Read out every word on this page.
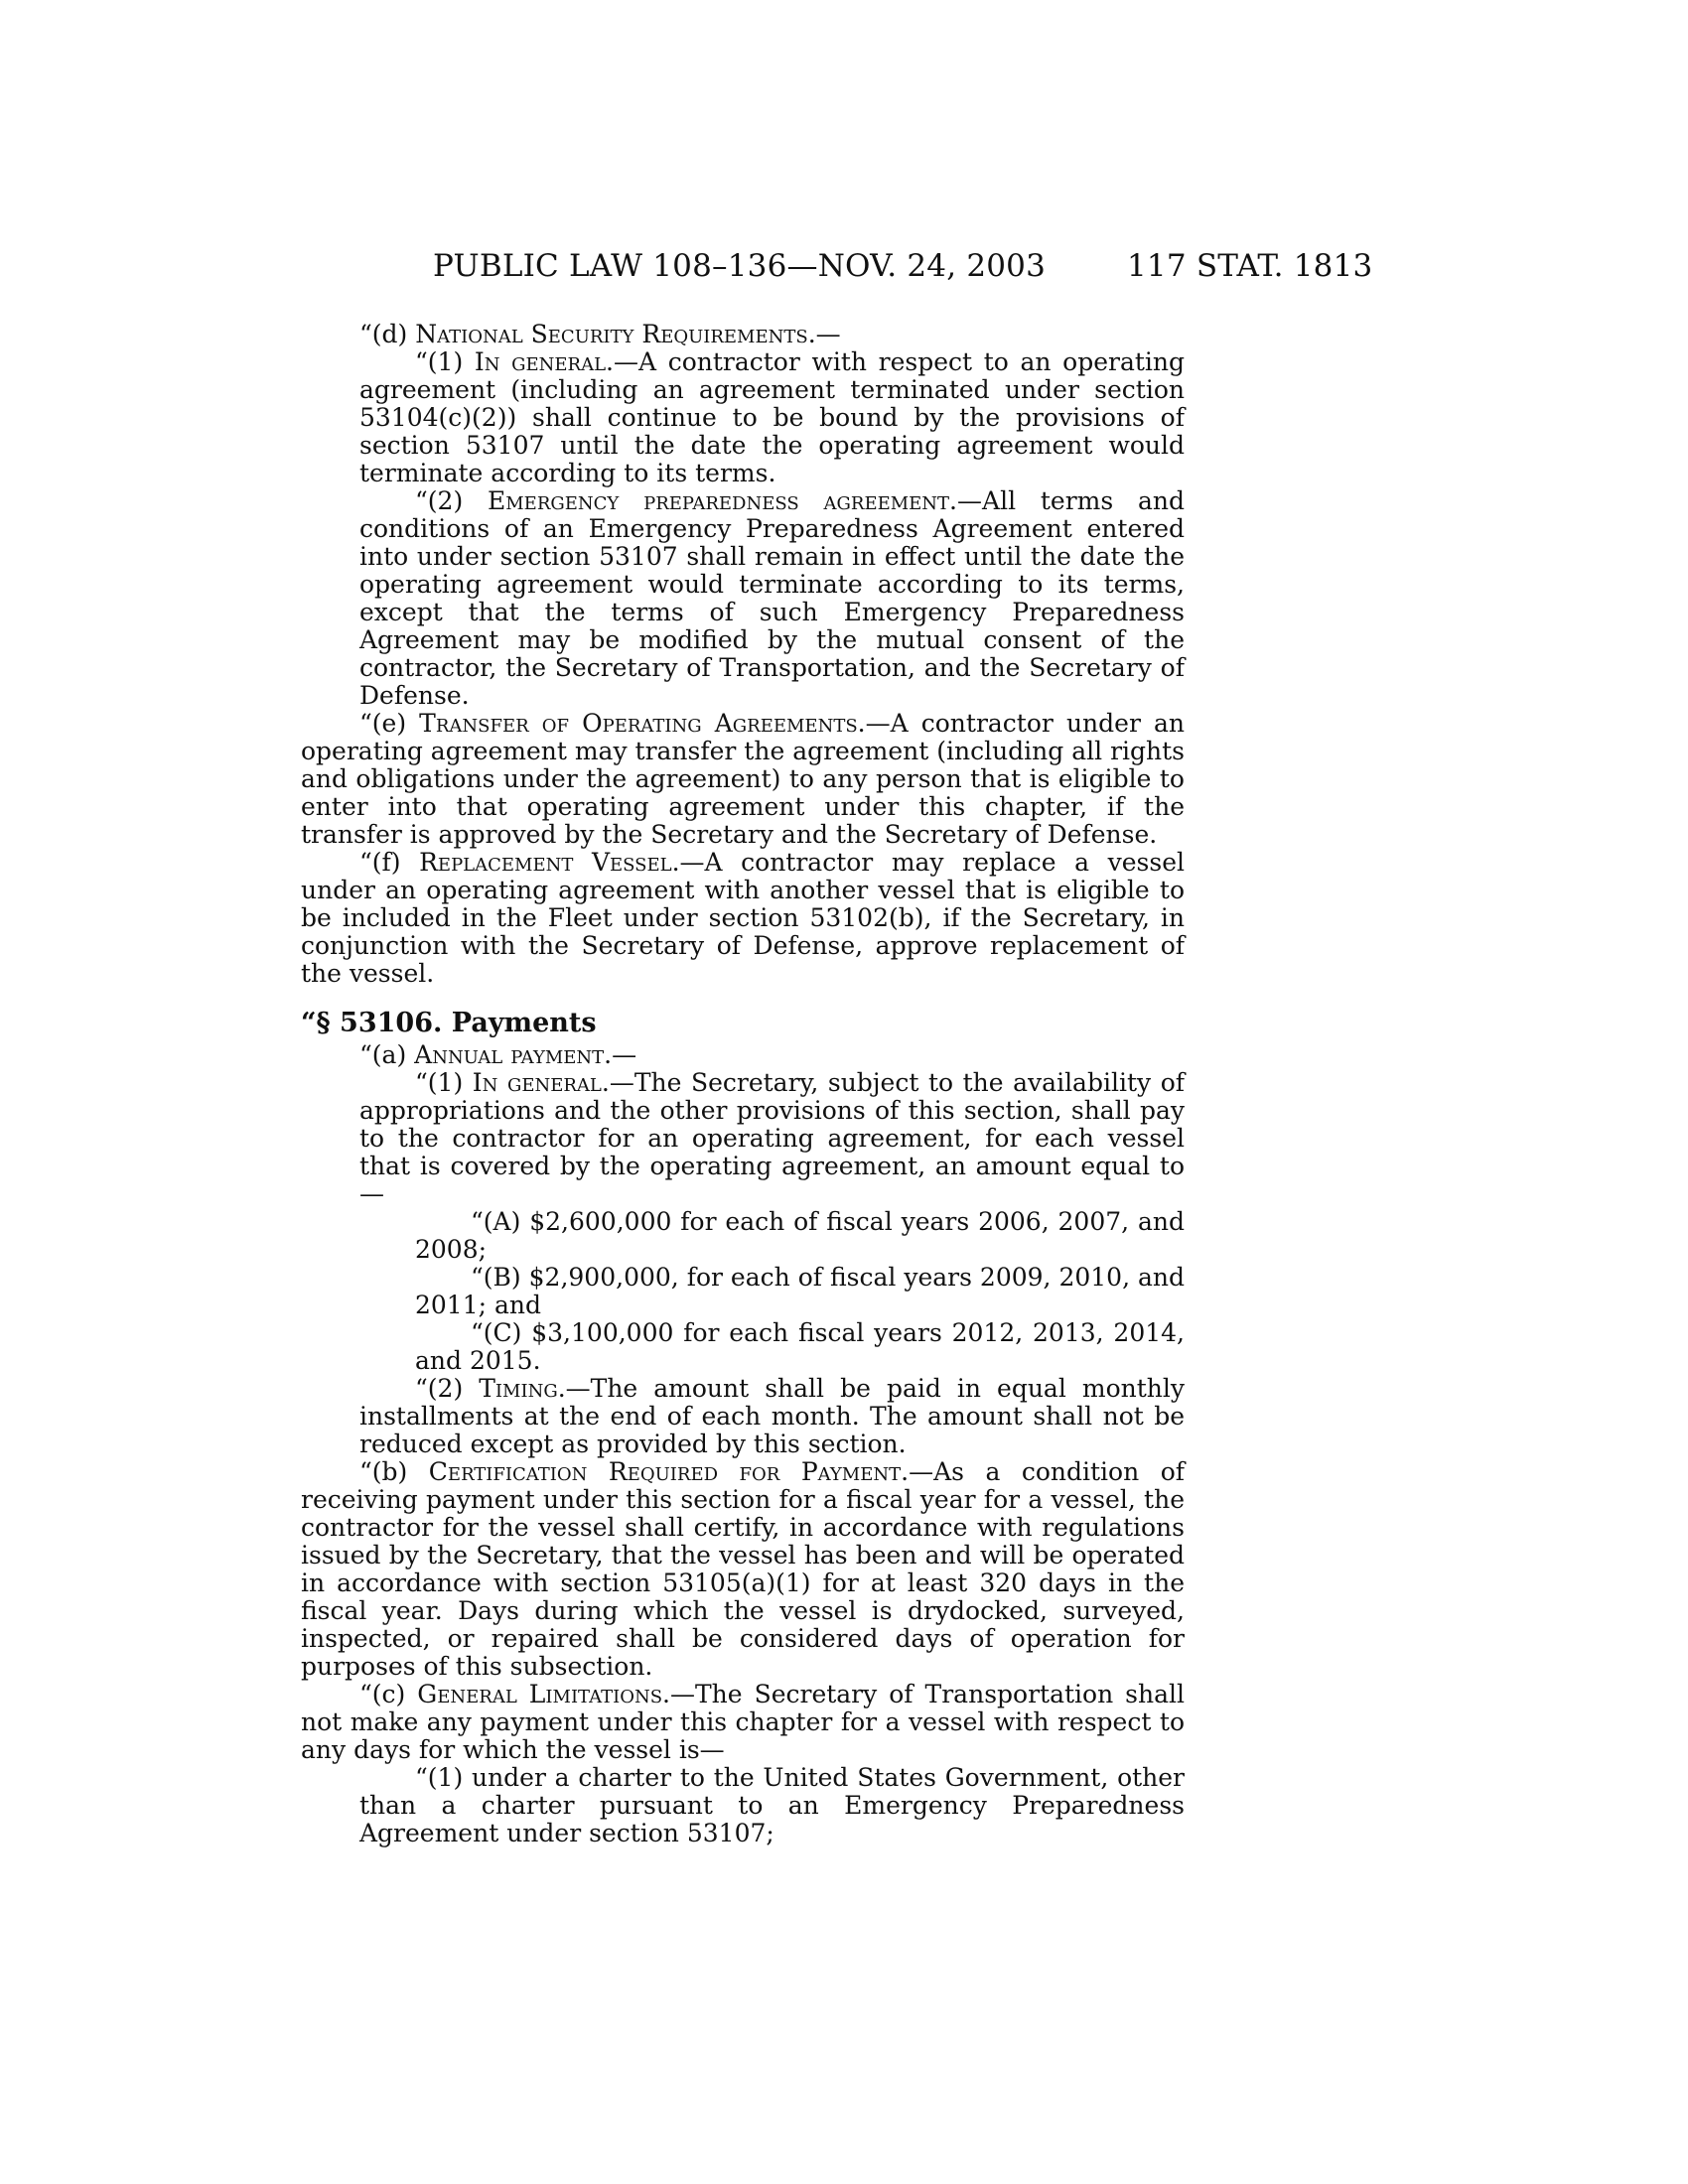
PUBLIC LAW 108–136—NOV. 24, 2003	117 STAT. 1813

“(d) National Security Requirements.—

“(1) In general.—A contractor with respect to an operating agreement (including an agreement terminated under section 53104(c)(2)) shall continue to be bound by the provisions of section 53107 until the date the operating agreement would terminate according to its terms.

“(2) Emergency preparedness agreement.—All terms and conditions of an Emergency Preparedness Agreement entered into under section 53107 shall remain in effect until the date the operating agreement would terminate according to its terms, except that the terms of such Emergency Preparedness Agreement may be modified by the mutual consent of the contractor, the Secretary of Transportation, and the Secretary of Defense.

“(e) Transfer of Operating Agreements.—A contractor under an operating agreement may transfer the agreement (including all rights and obligations under the agreement) to any person that is eligible to enter into that operating agreement under this chapter, if the transfer is approved by the Secretary and the Secretary of Defense.

“(f) Replacement Vessel.—A contractor may replace a vessel under an operating agreement with another vessel that is eligible to be included in the Fleet under section 53102(b), if the Secretary, in conjunction with the Secretary of Defense, approve replacement of the vessel.

“§ 53106. Payments

“(a) Annual payment.—

“(1) In general.—The Secretary, subject to the availability of appropriations and the other provisions of this section, shall pay to the contractor for an operating agreement, for each vessel that is covered by the operating agreement, an amount equal to—

“(A) $2,600,000 for each of fiscal years 2006, 2007, and 2008;

“(B) $2,900,000, for each of fiscal years 2009, 2010, and 2011; and

“(C) $3,100,000 for each fiscal years 2012, 2013, 2014, and 2015.

“(2) Timing.—The amount shall be paid in equal monthly installments at the end of each month. The amount shall not be reduced except as provided by this section.

“(b) Certification Required for Payment.—As a condition of receiving payment under this section for a fiscal year for a vessel, the contractor for the vessel shall certify, in accordance with regulations issued by the Secretary, that the vessel has been and will be operated in accordance with section 53105(a)(1) for at least 320 days in the fiscal year. Days during which the vessel is drydocked, surveyed, inspected, or repaired shall be considered days of operation for purposes of this subsection.

“(c) General Limitations.—The Secretary of Transportation shall not make any payment under this chapter for a vessel with respect to any days for which the vessel is—

“(1) under a charter to the United States Government, other than a charter pursuant to an Emergency Preparedness Agreement under section 53107;
